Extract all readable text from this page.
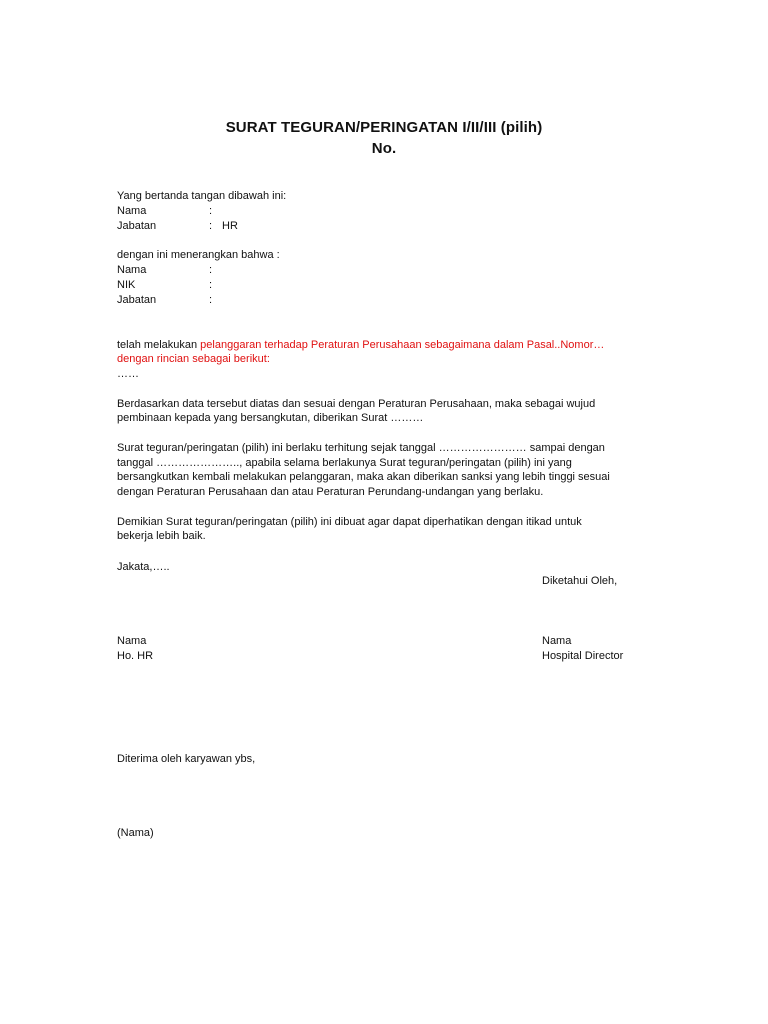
SURAT TEGURAN/PERINGATAN I/II/III (pilih)
No.
Yang bertanda tangan dibawah ini:
Nama	:
Jabatan	: HR
dengan ini menerangkan bahwa :
Nama	:
NIK	:
Jabatan	:
telah melakukan pelanggaran terhadap Peraturan Perusahaan sebagaimana dalam Pasal..Nomor…
dengan rincian sebagai berikut:
……
Berdasarkan data tersebut diatas dan sesuai dengan Peraturan Perusahaan, maka sebagai wujud
pembinaan kepada yang bersangkutan, diberikan Surat ………
Surat teguran/peringatan (pilih) ini berlaku terhitung sejak tanggal …………………… sampai dengan
tanggal ………………….., apabila selama berlakunya Surat teguran/peringatan (pilih) ini yang
bersangkutkan kembali melakukan pelanggaran, maka akan diberikan sanksi yang lebih tinggi sesuai
dengan Peraturan Perusahaan dan atau Peraturan Perundang-undangan yang berlaku.
Demikian Surat teguran/peringatan (pilih) ini dibuat agar dapat diperhatikan dengan itikad untuk
bekerja lebih baik.
Jakata,…..
Diketahui Oleh,
Nama
Ho. HR
Nama
Hospital Director
Diterima oleh karyawan ybs,
(Nama)
